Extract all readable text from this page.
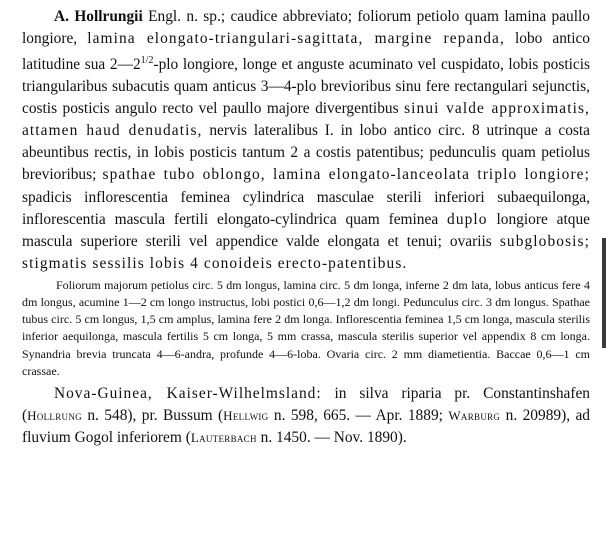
A. Hollrungii Engl. n. sp.; caudice abbreviato; foliorum petiolo quam lamina paullo longiore, lamina elongato-triangulari-sagittata, margine repanda, lobo antico latitudine sua $2—2^{1/2}$-plo longiore, longe et anguste acuminato vel cuspidato, lobis posticis triangularibus subacutis quam anticus 3—4-plo brevioribus sinu fere rectangulari sejunctis, costis posticis angulo recto vel paullo majore divergentibus sinui valde approximatis, attamen haud denudatis, nervis lateralibus I. in lobo antico circ. 8 utrinque a costa abeuntibus rectis, in lobis posticis tantum 2 a costis patentibus; pedunculis quam petiolus brevioribus; spathae tubo oblongo, lamina elongato-lanceolata triplo longiore; spadicis inflorescentia feminea cylindrica masculae sterili inferiori subaequilonga, inflorescentia mascula fertili elongato-cylindrica quam feminea duplo longiore atque mascula superiore sterili vel appendice valde elongata et tenui; ovariis subglobosis; stigmatis sessilis lobis 4 conoideis erecto-patentibus.

Foliorum majorum petiolus circ. 5 dm longus, lamina circ. 5 dm longa, inferne 2 dm lata, lobus anticus fere 4 dm longus, acumine 1—2 cm longo instructus, lobi postici 0,6—1,2 dm longi. Pedunculus circ. 3 dm longus. Spathae tubus circ. 5 cm longus, 1,5 cm amplus, lamina fere 2 dm longa. Inflorescentia feminea 1,5 cm longa, mascula sterilis inferior aequilonga, mascula fertilis 5 cm longa, 5 mm crassa, mascula sterilis superior vel appendix 8 cm longa. Synandria brevia truncata 4—6-andra, profunde 4—6-loba. Ovaria circ. 2 mm diametientia. Baccae 0,6—1 cm crassae.

Nova-Guinea, Kaiser-Wilhelmsland: in silva riparia pr. Constantinshafen (Hollrung n. 548), pr. Bussum (Hellwig n. 598, 665. — Apr. 1889; Warburg n. 20989), ad fluvium Gogol inferiorem (Lauterbach n. 1450. — Nov. 1890).
